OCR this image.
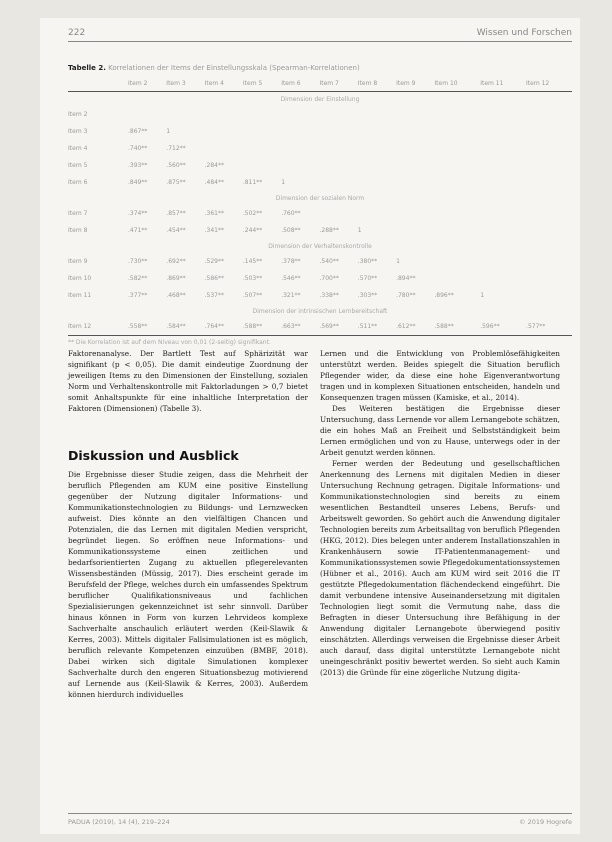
222	Wissen und Forschen
Tabelle 2. Korrelationen der Items der Einstellungsskala (Spearman-Korrelationen)
	Item 2	Item 3	Item 4	Item 5	Item 6	Item 7	Item 8	Item 9	Item 10	Item 11	Item 12
Dimension der Einstellung											
Item 2											
Item 3	.867**	1									
Item 4	.740**	.712**									
Item 5	.393**	.560**	.284**								
Item 6	.849**	.875**	.484**	.811**	1						
Dimension der sozialen Norm											
Item 7	.374**	.857**	.361**	.502**	.760**						
Item 8	.471**	.454**	.341**	.244**	.508**	.288**	1				
Dimension der Verhaltenskontrolle											
Item 9	.730**	.692**	.529**	.145**	.378**	.540**	.380**	1			
Item 10	.582**	.869**	.586**	.503**	.546**	.700**	.570**	.894**			
Item 11	.377**	.468**	.537**	.507**	.321**	.338**	.303**	.780**	.896**	1	
Dimension der intrinsischen Lernbereitschaft											
Item 12	.558**	.584**	.764**	.588**	.663**	.569**	.511**	.612**	.588**	.596**	.577**
** Die Korrelation ist auf dem Niveau von 0,01 (2-seitig) signifikant.

Faktorenanalyse. Der Bartlett Test auf Sphärizität war signifikant (p < 0,05). Die damit eindeutige Zuordnung der jeweiligen Items zu den Dimensionen der Einstellung, sozialen Norm und Verhaltenskontrolle mit Faktorladungen > 0,7 bietet somit Anhaltspunkte für eine inhaltliche Interpretation der Faktoren (Dimensionen) (Tabelle 3).

Diskussion und Ausblick

Die Ergebnisse dieser Studie zeigen, dass die Mehrheit der beruflich Pflegenden am KUM eine positive Einstellung gegenüber der Nutzung digitaler Informations- und Kommunikationstechnologien zu Bildungs- und Lernzwecken aufweist. Dies könnte an den vielfältigen Chancen und Potenzialen, die das Lernen mit digitalen Medien verspricht, begründet liegen. So eröffnen neue Informations- und Kommunikationssysteme einen zeitlichen und bedarfsorientierten Zugang zu aktuellen pflegerelevanten Wissensbeständen (Müssig, 2017). Dies erscheint gerade im Berufsfeld der Pflege, welches durch ein umfassendes Spektrum beruflicher Qualifikationsniveaus und fachlichen Spezialisierungen gekennzeichnet ist sehr sinnvoll. Darüber hinaus können in Form von kurzen Lehrvideos komplexe Sachverhalte anschaulich erläutert werden (Keil-Slawik & Kerres, 2003). Mittels digitaler Fallsimulationen ist es möglich, beruflich relevante Kompetenzen einzuüben (BMBF, 2018). Dabei wirken sich digitale Simulationen komplexer Sachverhalte durch den engeren Situationsbezug motivierend auf Lernende aus (Keil-Slawik & Kerres, 2003). Außerdem können hierdurch individuelles

Lernen und die Entwicklung von Problemlösefähigkeiten unterstützt werden. Beides spiegelt die Situation beruflich Pflegender wider, da diese eine hohe Eigenverantwortung tragen und in komplexen Situationen entscheiden, handeln und Konsequenzen tragen müssen (Kamiske, et al., 2014).

Des Weiteren bestätigen die Ergebnisse dieser Untersuchung, dass Lernende vor allem Lernangebote schätzen, die ein hohes Maß an Freiheit und Selbstständigkeit beim Lernen ermöglichen und von zu Hause, unterwegs oder in der Arbeit genutzt werden können.

Ferner werden der Bedeutung und gesellschaftlichen Anerkennung des Lernens mit digitalen Medien in dieser Untersuchung Rechnung getragen. Digitale Informations- und Kommunikationstechnologien sind bereits zu einem wesentlichen Bestandteil unseres Lebens, Berufs- und Arbeitswelt geworden. So gehört auch die Anwendung digitaler Technologien bereits zum Arbeitsalltag von beruflich Pflegenden (HKG, 2012). Dies belegen unter anderem Installationszahlen in Krankenhäusern sowie IT-Patientenmanagement- und Kommunikationssystemen sowie Pflegedokumentationssystemen (Hübner et al., 2016). Auch am KUM wird seit 2016 die IT gestützte Pflegedokumentation flächendeckend eingeführt. Die damit verbundene intensive Auseinandersetzung mit digitalen Technologien liegt somit die Vermutung nahe, dass die Befragten in dieser Untersuchung ihre Befähigung in der Anwendung digitaler Lernangebote überwiegend positiv einschätzten. Allerdings verweisen die Ergebnisse dieser Arbeit auch darauf, dass digital unterstützte Lernangebote nicht uneingeschränkt positiv bewertet werden. So sieht auch Kamin (2013) die Gründe für eine zögerliche Nutzung digita-

PADUA (2019), 14 (4), 219–224	© 2019 Hogrefe
